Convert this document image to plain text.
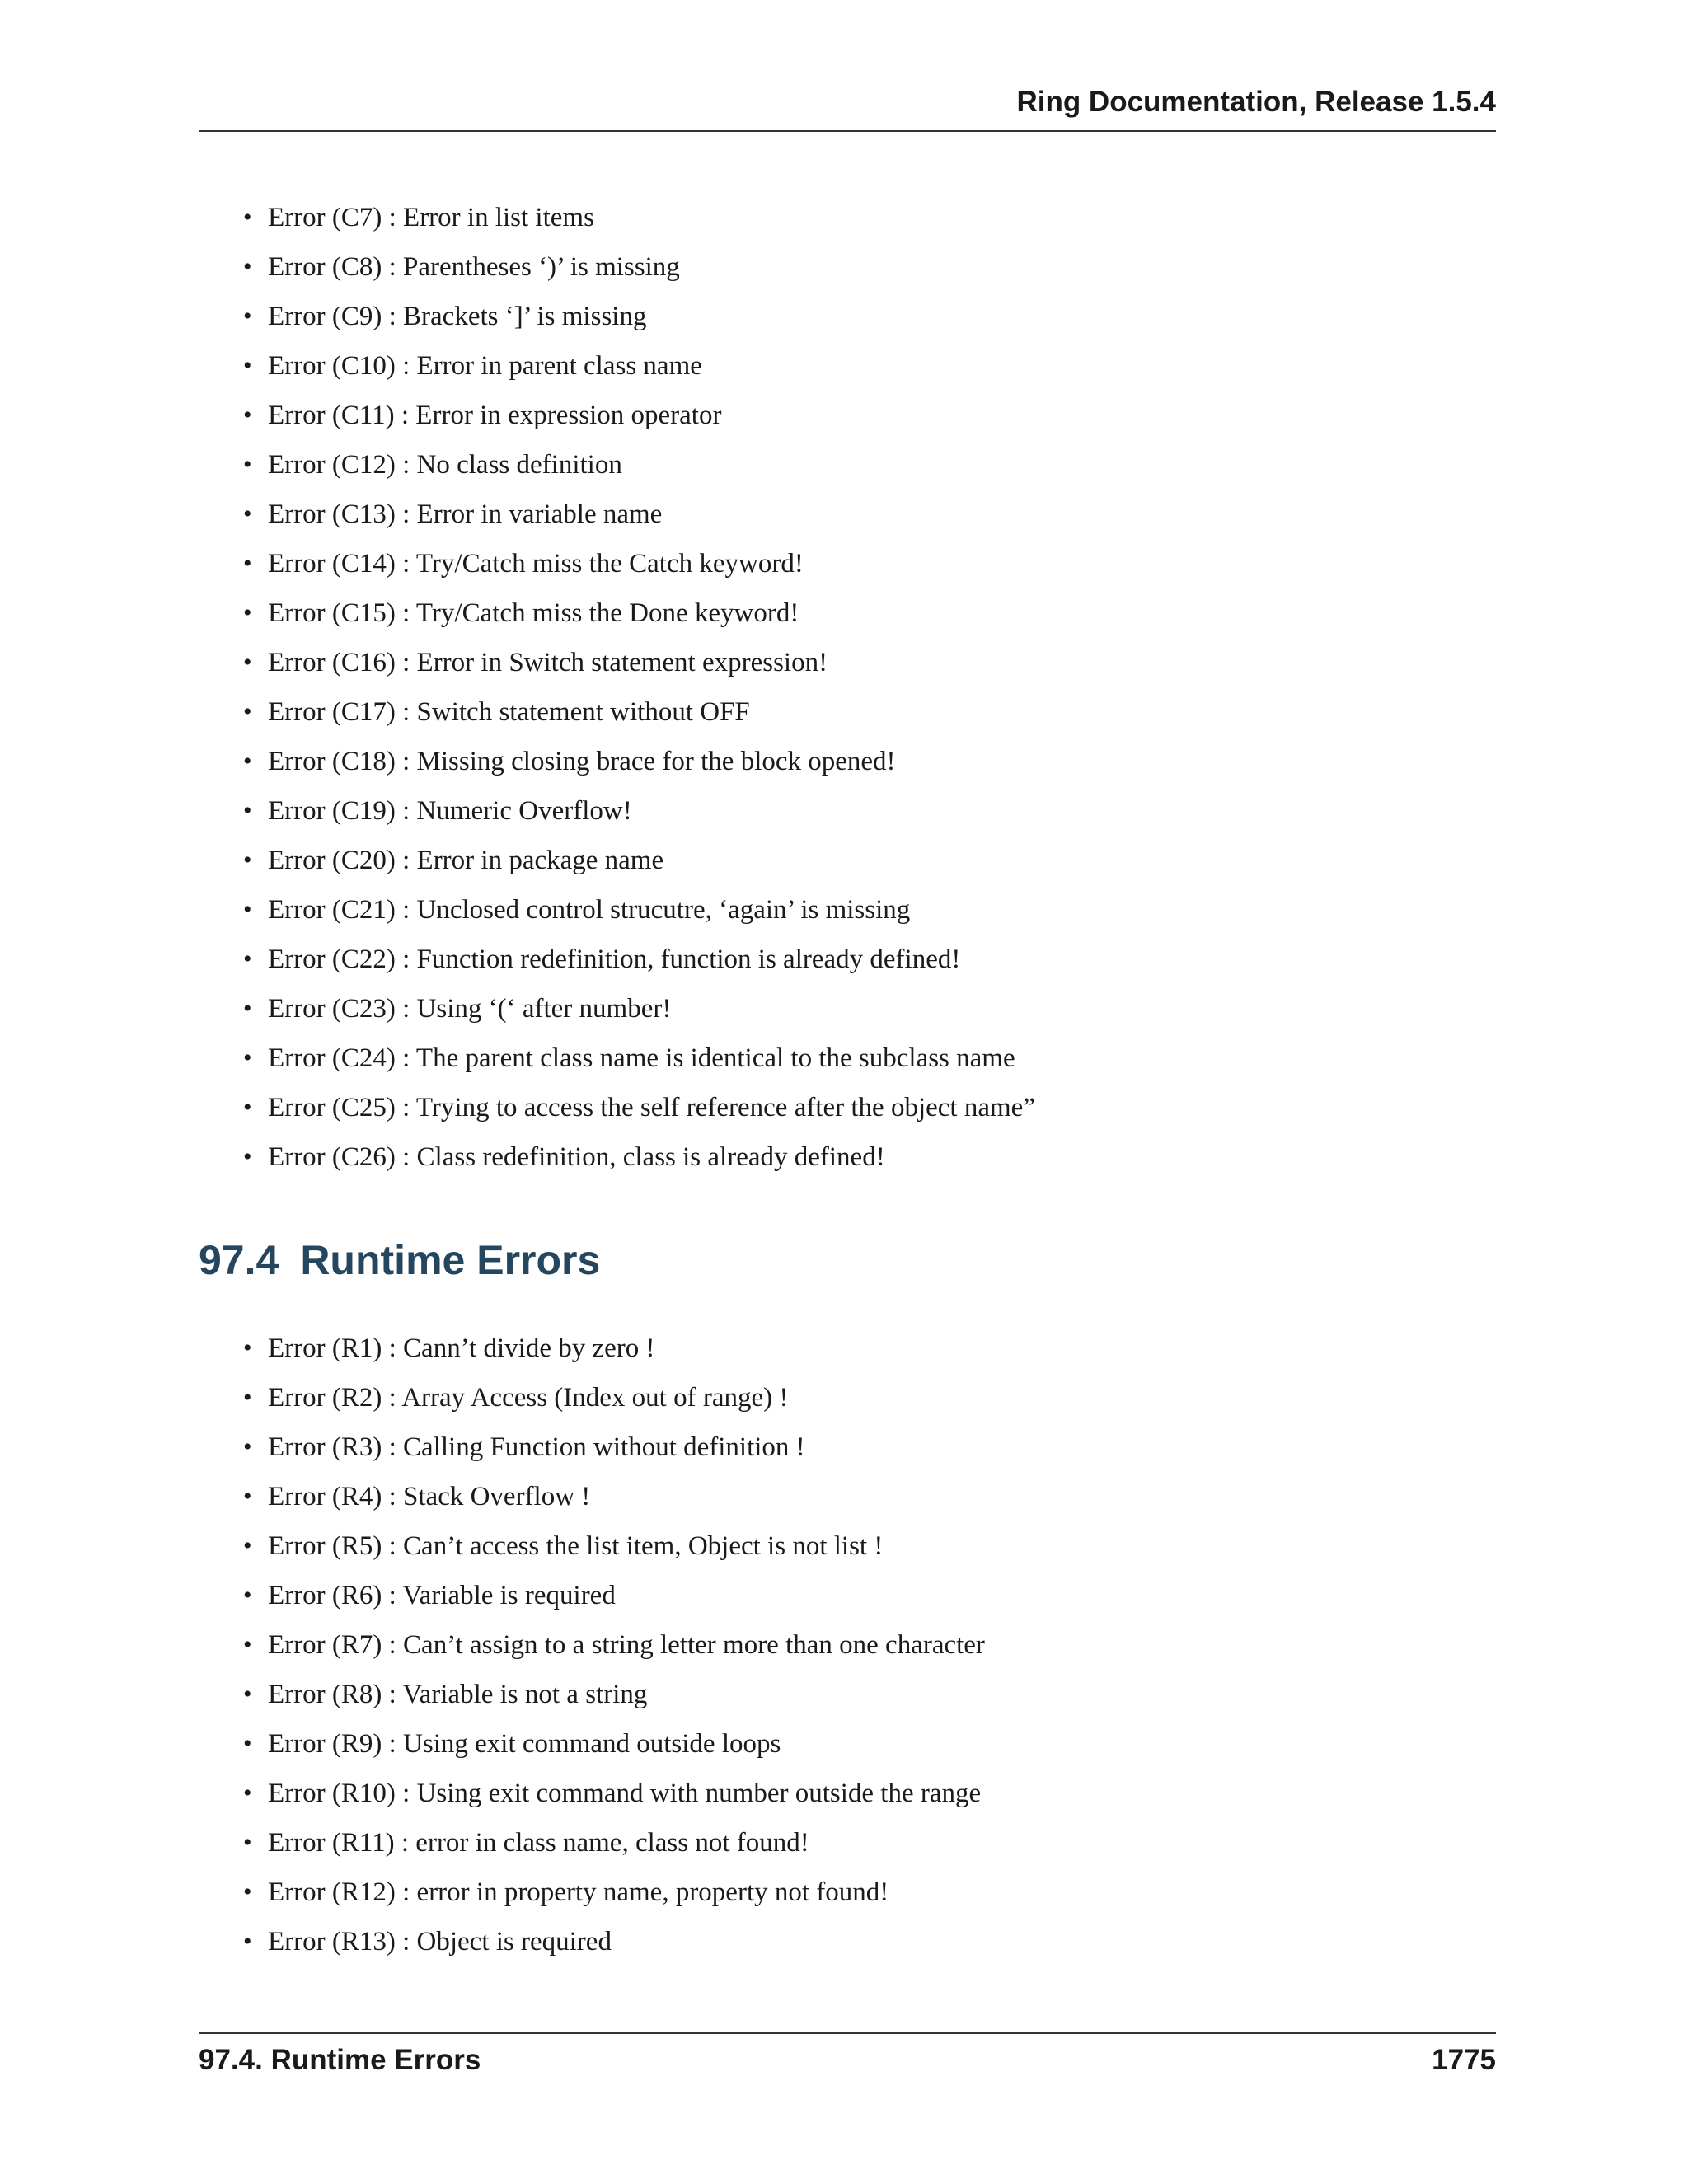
Ring Documentation, Release 1.5.4
• Error (C7) : Error in list items
• Error (C8) : Parentheses ‘)’ is missing
• Error (C9) : Brackets ‘]’ is missing
• Error (C10) : Error in parent class name
• Error (C11) : Error in expression operator
• Error (C12) : No class definition
• Error (C13) : Error in variable name
• Error (C14) : Try/Catch miss the Catch keyword!
• Error (C15) : Try/Catch miss the Done keyword!
• Error (C16) : Error in Switch statement expression!
• Error (C17) : Switch statement without OFF
• Error (C18) : Missing closing brace for the block opened!
• Error (C19) : Numeric Overflow!
• Error (C20) : Error in package name
• Error (C21) : Unclosed control strucutre, ‘again’ is missing
• Error (C22) : Function redefinition, function is already defined!
• Error (C23) : Using ‘(‘ after number!
• Error (C24) : The parent class name is identical to the subclass name
• Error (C25) : Trying to access the self reference after the object name”
• Error (C26) : Class redefinition, class is already defined!
97.4 Runtime Errors
• Error (R1) : Cann’t divide by zero !
• Error (R2) : Array Access (Index out of range) !
• Error (R3) : Calling Function without definition !
• Error (R4) : Stack Overflow !
• Error (R5) : Can’t access the list item, Object is not list !
• Error (R6) : Variable is required
• Error (R7) : Can’t assign to a string letter more than one character
• Error (R8) : Variable is not a string
• Error (R9) : Using exit command outside loops
• Error (R10) : Using exit command with number outside the range
• Error (R11) : error in class name, class not found!
• Error (R12) : error in property name, property not found!
• Error (R13) : Object is required
97.4. Runtime Errors	1775
